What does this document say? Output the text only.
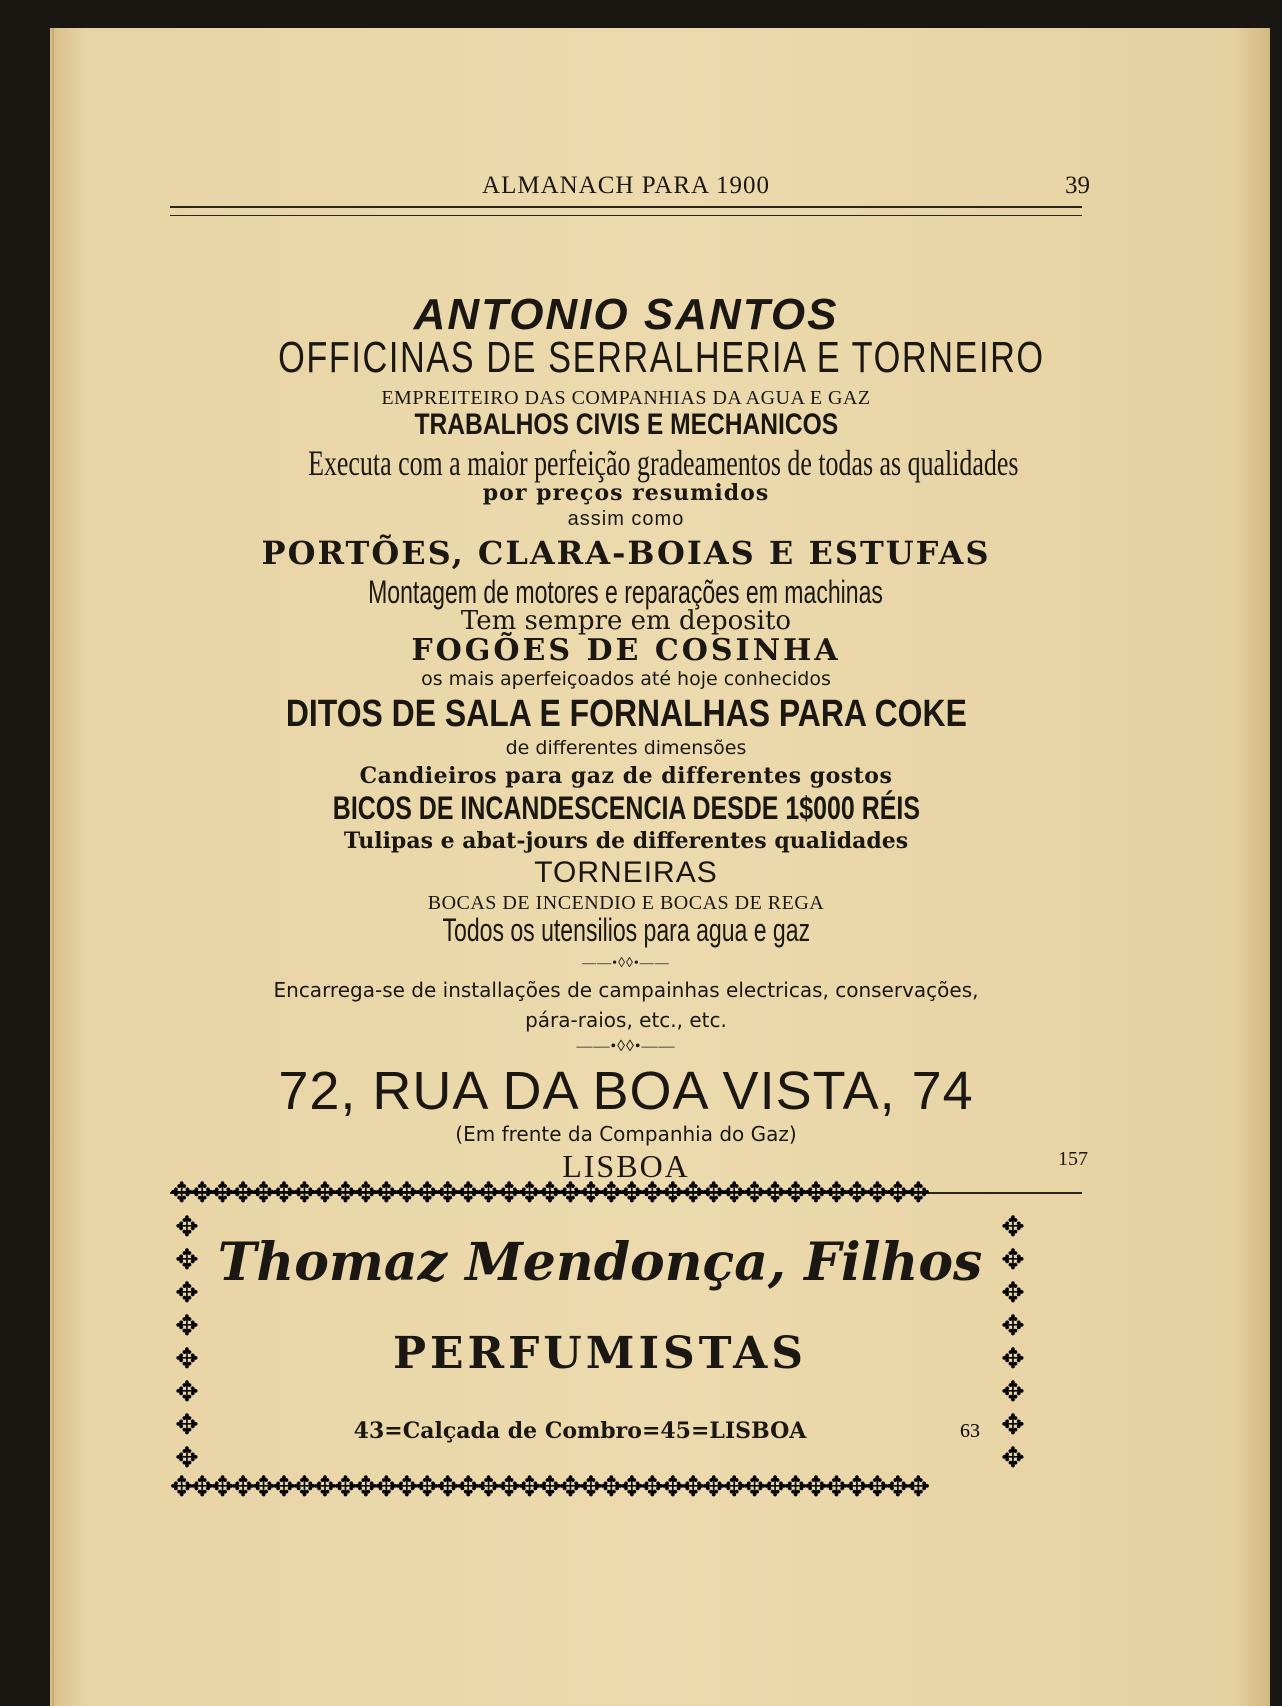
ALMANACH PARA 1900	39
ANTONIO SANTOS
OFFICINAS DE SERRALHERIA E TORNEIRO
EMPREITEIRO DAS COMPANHIAS DA AGUA E GAZ
TRABALHOS CIVIS E MECHANICOS
Executa com a maior perfeição gradeamentos de todas as qualidades
por preços resumidos
assim como
PORTÕES, CLARA-BOIAS E ESTUFAS
Montagem de motores e reparações em machinas
Tem sempre em deposito
FOGÕES DE COSINHA
os mais aperfeiçoados até hoje conhecidos
DITOS DE SALA E FORNALHAS PARA COKE
de differentes dimensões
Candieiros para gaz de differentes gostos
BICOS DE INCANDESCENCIA DESDE 1$000 RÉIS
Tulipas e abat-jours de differentes qualidades
TORNEIRAS
BOCAS DE INCENDIO E BOCAS DE REGA
Todos os utensilios para agua e gaz
——•◊◊•——
Encarrega-se de installações de campainhas electricas, conservações,
pára-raios, etc., etc.
——•◊◊•——
72, RUA DA BOA VISTA, 74
(Em frente da Companhia do Gaz)
LISBOA	157
✥✥✥✥✥✥✥✥✥✥✥✥✥✥✥✥✥✥✥✥✥✥✥✥✥✥✥✥✥✥✥✥✥✥✥✥✥
✥
✥
✥
✥
✥
✥
✥
✥
✥
✥
✥
✥
✥
✥
✥
✥
✥✥✥✥✥✥✥✥✥✥✥✥✥✥✥✥✥✥✥✥✥✥✥✥✥✥✥✥✥✥✥✥✥✥✥✥✥
Thomaz Mendonça, Filhos
PERFUMISTAS
43=Calçada de Combro=45=LISBOA	63
